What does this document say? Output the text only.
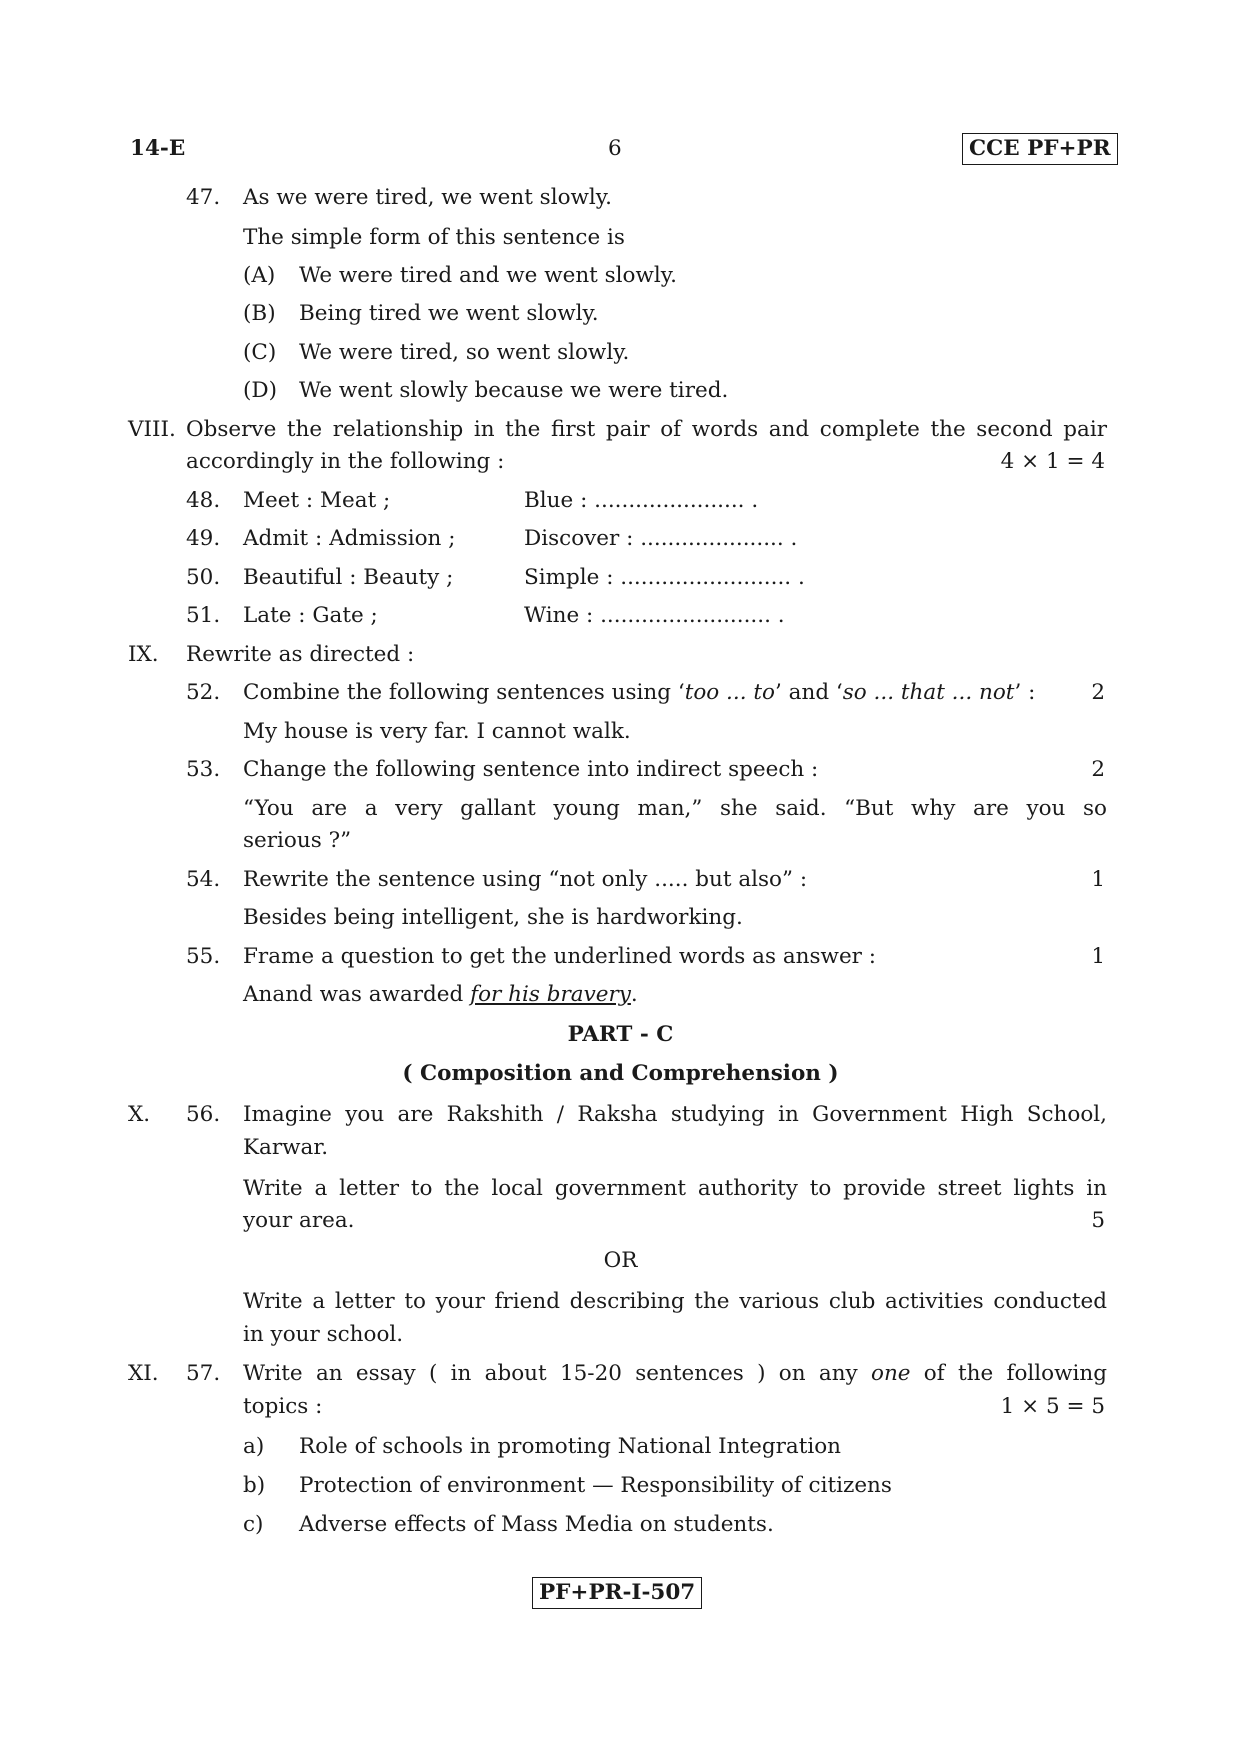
14-E	6	CCE PF+PR
47. As we were tired, we went slowly.
The simple form of this sentence is
(A) We were tired and we went slowly.
(B) Being tired we went slowly.
(C) We were tired, so went slowly.
(D) We went slowly because we were tired.
VIII. Observe the relationship in the first pair of words and complete the second pair
accordingly in the following :	4 × 1 = 4
48. Meet : Meat ;	Blue : ...................... .
49. Admit : Admission ;	Discover : ..................... .
50. Beautiful : Beauty ;	Simple : ......................... .
51. Late : Gate ;	Wine : ......................... .
IX. Rewrite as directed :
52. Combine the following sentences using ‘too ... to’ and ‘so ... that ... not’ :	2
My house is very far. I cannot walk.
53. Change the following sentence into indirect speech :	2
“You are a very gallant young man,” she said. “But why are you so
serious ?”
54. Rewrite the sentence using “not only ..... but also” :	1
Besides being intelligent, she is hardworking.
55. Frame a question to get the underlined words as answer :	1
Anand was awarded for his bravery.
PART - C
( Composition and Comprehension )
X. 56. Imagine you are Rakshith / Raksha studying in Government High School,
Karwar.
Write a letter to the local government authority to provide street lights in
your area.	5
OR
Write a letter to your friend describing the various club activities conducted
in your school.
XI. 57. Write an essay ( in about 15-20 sentences ) on any one of the following
topics :	1 × 5 = 5
a) Role of schools in promoting National Integration
b) Protection of environment — Responsibility of citizens
c) Adverse effects of Mass Media on students.
PF+PR-I-507
